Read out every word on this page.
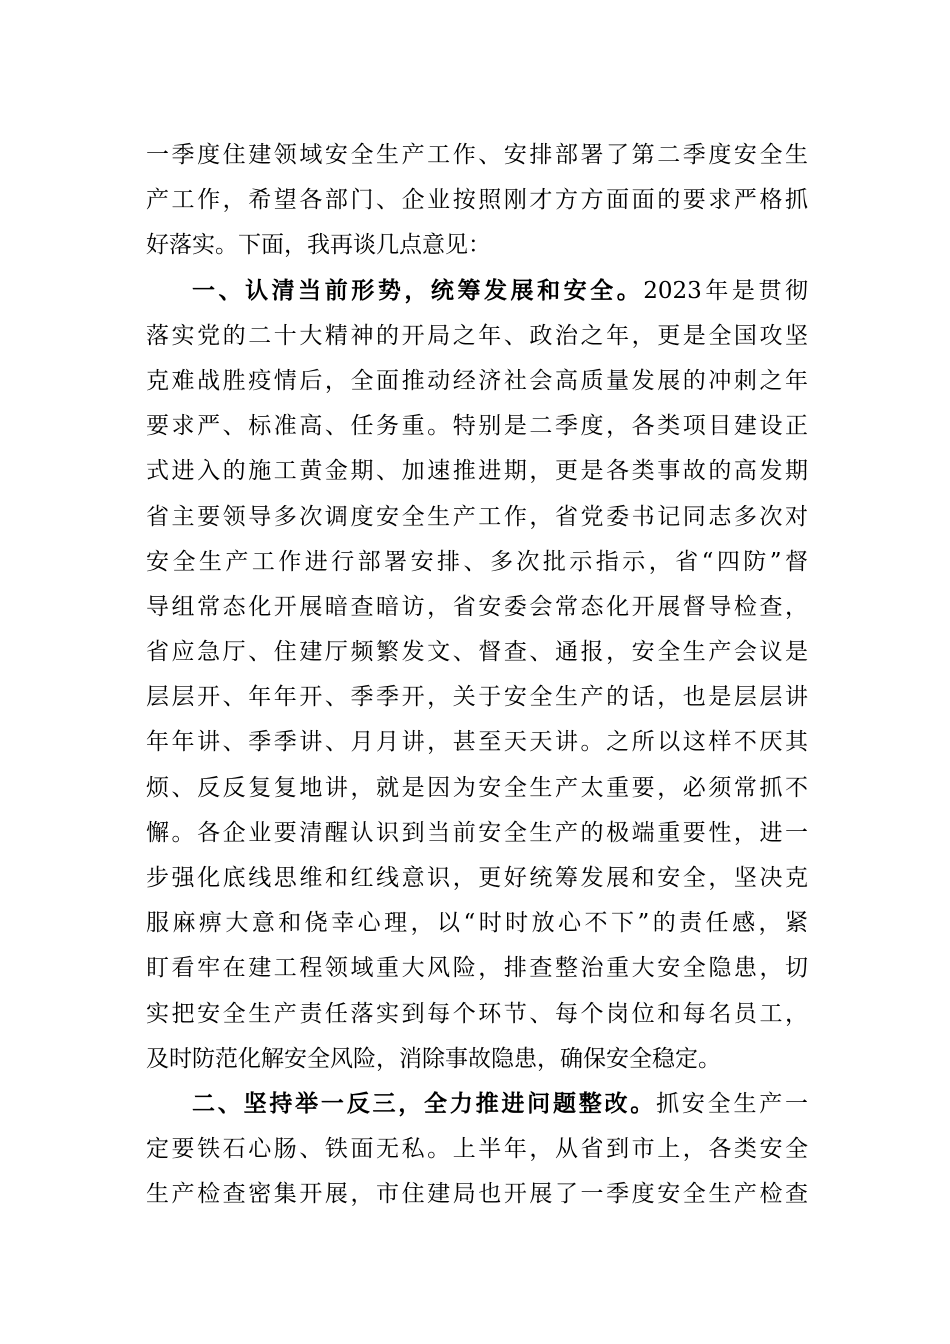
一季度住建领域安全生产工作、安排部署了第二季度安全生
产工作，希望各部门、企业按照刚才方方面面的要求严格抓
好落实。下面，我再谈几点意见：
一、认清当前形势，统筹发展和安全。2023年是贯彻
落实党的二十大精神的开局之年、政治之年，更是全国攻坚
克难战胜疫情后，全面推动经济社会高质量发展的冲刺之年
要求严、标准高、任务重。特别是二季度，各类项目建设正
式进入的施工黄金期、加速推进期，更是各类事故的高发期
省主要领导多次调度安全生产工作，省党委书记同志多次对
安全生产工作进行部署安排、多次批示指示，省“四防”督
导组常态化开展暗查暗访，省安委会常态化开展督导检查，
省应急厅、住建厅频繁发文、督查、通报，安全生产会议是
层层开、年年开、季季开，关于安全生产的话，也是层层讲
年年讲、季季讲、月月讲，甚至天天讲。之所以这样不厌其
烦、反反复复地讲，就是因为安全生产太重要，必须常抓不
懈。各企业要清醒认识到当前安全生产的极端重要性，进一
步强化底线思维和红线意识，更好统筹发展和安全，坚决克
服麻痹大意和侥幸心理，以“时时放心不下”的责任感，紧
盯看牢在建工程领域重大风险，排查整治重大安全隐患，切
实把安全生产责任落实到每个环节、每个岗位和每名员工，
及时防范化解安全风险，消除事故隐患，确保安全稳定。
二、坚持举一反三，全力推进问题整改。抓安全生产一
定要铁石心肠、铁面无私。上半年，从省到市上，各类安全
生产检查密集开展，市住建局也开展了一季度安全生产检查
